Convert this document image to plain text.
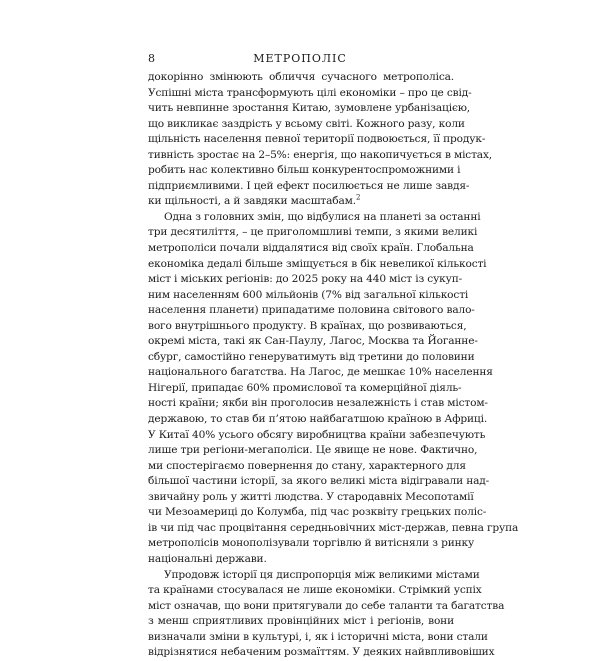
8	МЕТРОПОЛІС
докорінно змінюють обличчя сучасного метрополіса.
Успішні міста трансформують цілі економіки – про це свід-
чить невпинне зростання Китаю, зумовлене урбанізацією,
що викликає заздрість у всьому світі. Кожного разу, коли
щільність населення певної території подвоюється, її продук-
тивність зростає на 2–5%: енергія, що накопичується в містах,
робить нас колективно більш конкурентоспроможними і
підприємливими. І цей ефект посилюється не лише завдя-
ки щільності, а й завдяки масштабам.$^2$
Одна з головних змін, що відбулися на планеті за останні
три десятиліття, – це приголомшливі темпи, з якими великі
метрополіси почали віддалятися від своїх країн. Глобальна
економіка дедалі більше зміщується в бік невеликої кількості
міст і міських регіонів: до 2025 року на 440 міст із сукуп-
ним населенням 600 мільйонів (7% від загальної кількості
населення планети) припадатиме половина світового вало-
вого внутрішнього продукту. В країнах, що розвиваються,
окремі міста, такі як Сан-Паулу, Лагос, Москва та Йоганне-
сбург, самостійно генеруватимуть від третини до половини
національного багатства. На Лагос, де мешкає 10% населення
Нігерії, припадає 60% промислової та комерційної діяль-
ності країни; якби він проголосив незалежність і став містом-
державою, то став би п’ятою найбагатшою країною в Африці.
У Китаї 40% усього обсягу виробництва країни забезпечують
лише три регіони-мегаполіси. Це явище не нове. Фактично,
ми спостерігаємо повернення до стану, характерного для
більшої частини історії, за якого великі міста відігравали над-
звичайну роль у житті людства. У стародавніх Месопотамії
чи Мезоамериці до Колумба, під час розквіту грецьких поліс-
ів чи під час процвітання середньовічних міст-держав, певна група
метрополісів монополізували торгівлю й витісняли з ринку
національні держави.
Упродовж історії ця диспропорція між великими містами
та країнами стосувалася не лише економіки. Стрімкий успіх
міст означав, що вони притягували до себе таланти та багатства
з менш сприятливих провінційних міст і регіонів, вони
визначали зміни в культурі, і, як і історичні міста, вони стали
відрізнятися небаченим розмаїттям. У деяких найвпливовіших
